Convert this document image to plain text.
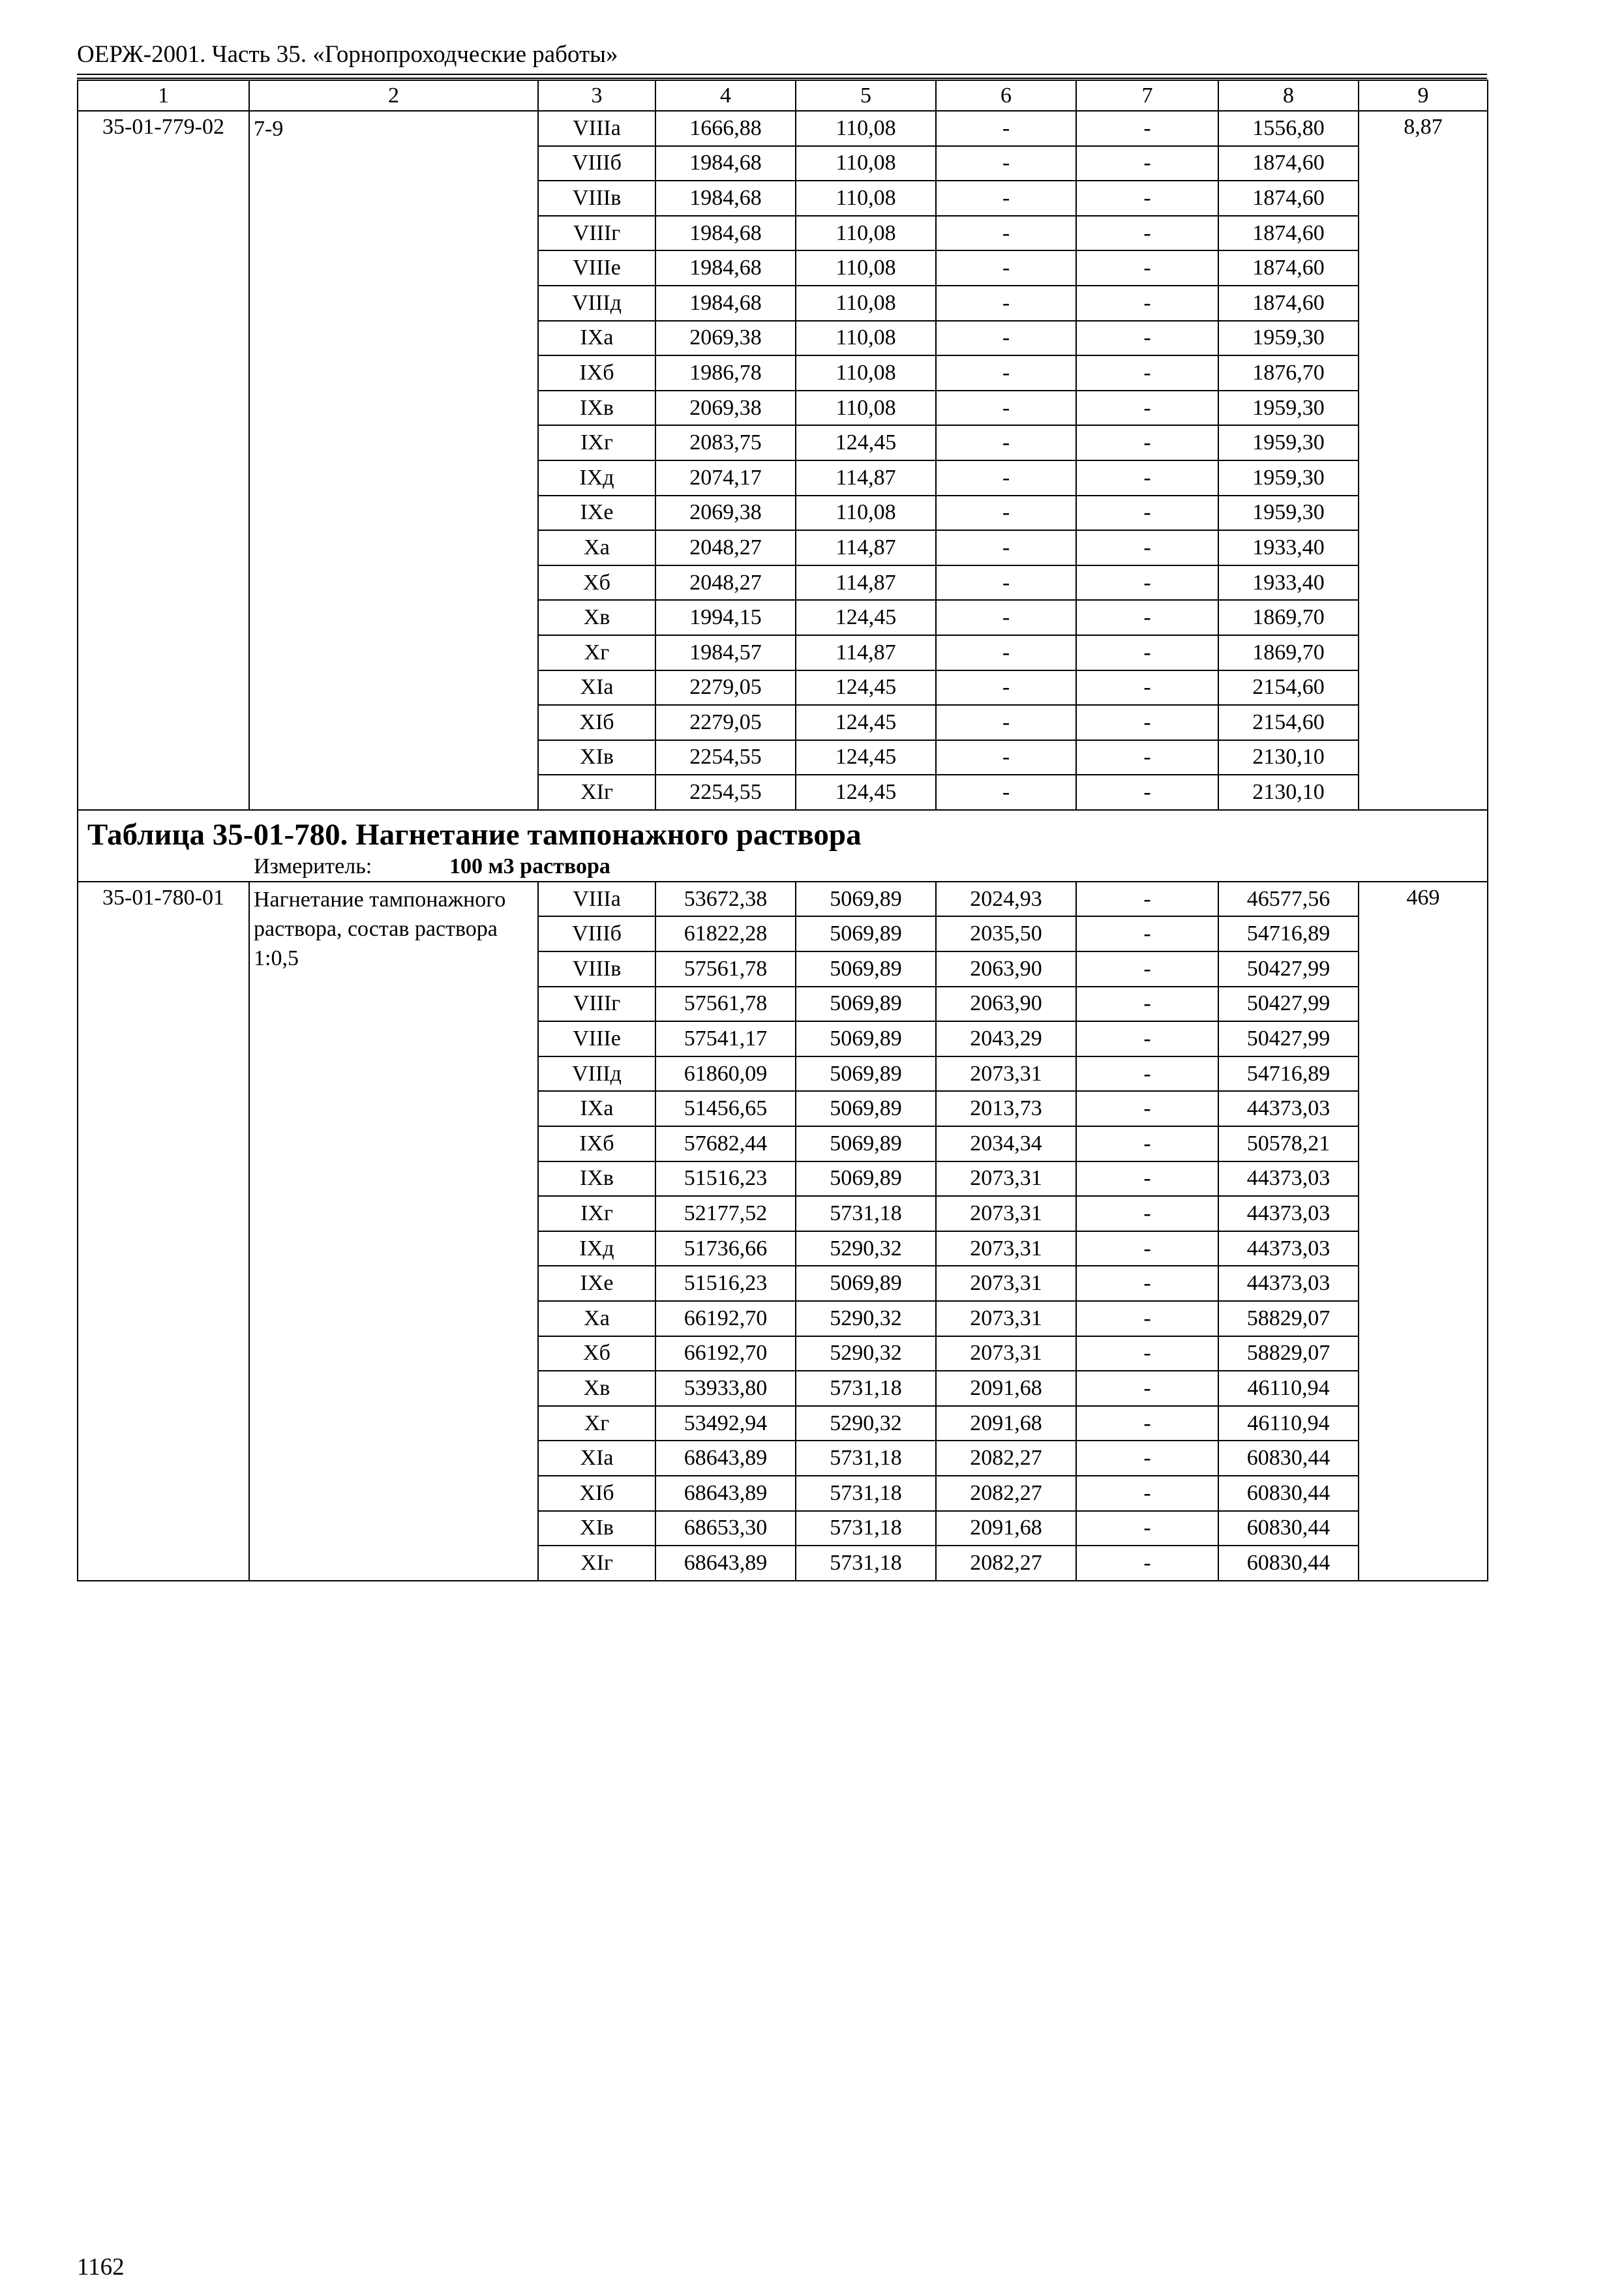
ОЕРЖ-2001. Часть 35. «Горнопроходческие работы»
1	2	3	4	5	6	7	8	9
35-01-779-02	7-9	VIIIа	1666,88	110,08	-	-	1556,80	8,87
		VIIIб	1984,68	110,08	-	-	1874,60	
		VIIIв	1984,68	110,08	-	-	1874,60	
		VIIIг	1984,68	110,08	-	-	1874,60	
		VIIIе	1984,68	110,08	-	-	1874,60	
		VIIIд	1984,68	110,08	-	-	1874,60	
		IXа	2069,38	110,08	-	-	1959,30	
		IXб	1986,78	110,08	-	-	1876,70	
		IXв	2069,38	110,08	-	-	1959,30	
		IXг	2083,75	124,45	-	-	1959,30	
		IXд	2074,17	114,87	-	-	1959,30	
		IXе	2069,38	110,08	-	-	1959,30	
		Xа	2048,27	114,87	-	-	1933,40	
		Xб	2048,27	114,87	-	-	1933,40	
		Xв	1994,15	124,45	-	-	1869,70	
		Xг	1984,57	114,87	-	-	1869,70	
		XIа	2279,05	124,45	-	-	2154,60	
		XIб	2279,05	124,45	-	-	2154,60	
		XIв	2254,55	124,45	-	-	2130,10	
		XIг	2254,55	124,45	-	-	2130,10	

Таблица 35-01-780. Нагнетание тампонажного раствора
Измеритель: 100 м3 раствора								

35-01-780-01	Нагнетание тампонажного раствора, состав раствора 1:0,5	VIIIа	53672,38	5069,89	2024,93	-	46577,56	469
		VIIIб	61822,28	5069,89	2035,50	-	54716,89	
		VIIIв	57561,78	5069,89	2063,90	-	50427,99	
		VIIIг	57561,78	5069,89	2063,90	-	50427,99	
		VIIIе	57541,17	5069,89	2043,29	-	50427,99	
		VIIIд	61860,09	5069,89	2073,31	-	54716,89	
		IXа	51456,65	5069,89	2013,73	-	44373,03	
		IXб	57682,44	5069,89	2034,34	-	50578,21	
		IXв	51516,23	5069,89	2073,31	-	44373,03	
		IXг	52177,52	5731,18	2073,31	-	44373,03	
		IXд	51736,66	5290,32	2073,31	-	44373,03	
		IXе	51516,23	5069,89	2073,31	-	44373,03	
		Xа	66192,70	5290,32	2073,31	-	58829,07	
		Xб	66192,70	5290,32	2073,31	-	58829,07	
		Xв	53933,80	5731,18	2091,68	-	46110,94	
		Xг	53492,94	5290,32	2091,68	-	46110,94	
		XIа	68643,89	5731,18	2082,27	-	60830,44	
		XIб	68643,89	5731,18	2082,27	-	60830,44	
		XIв	68653,30	5731,18	2091,68	-	60830,44	
		XIг	68643,89	5731,18	2082,27	-	60830,44	
1162
